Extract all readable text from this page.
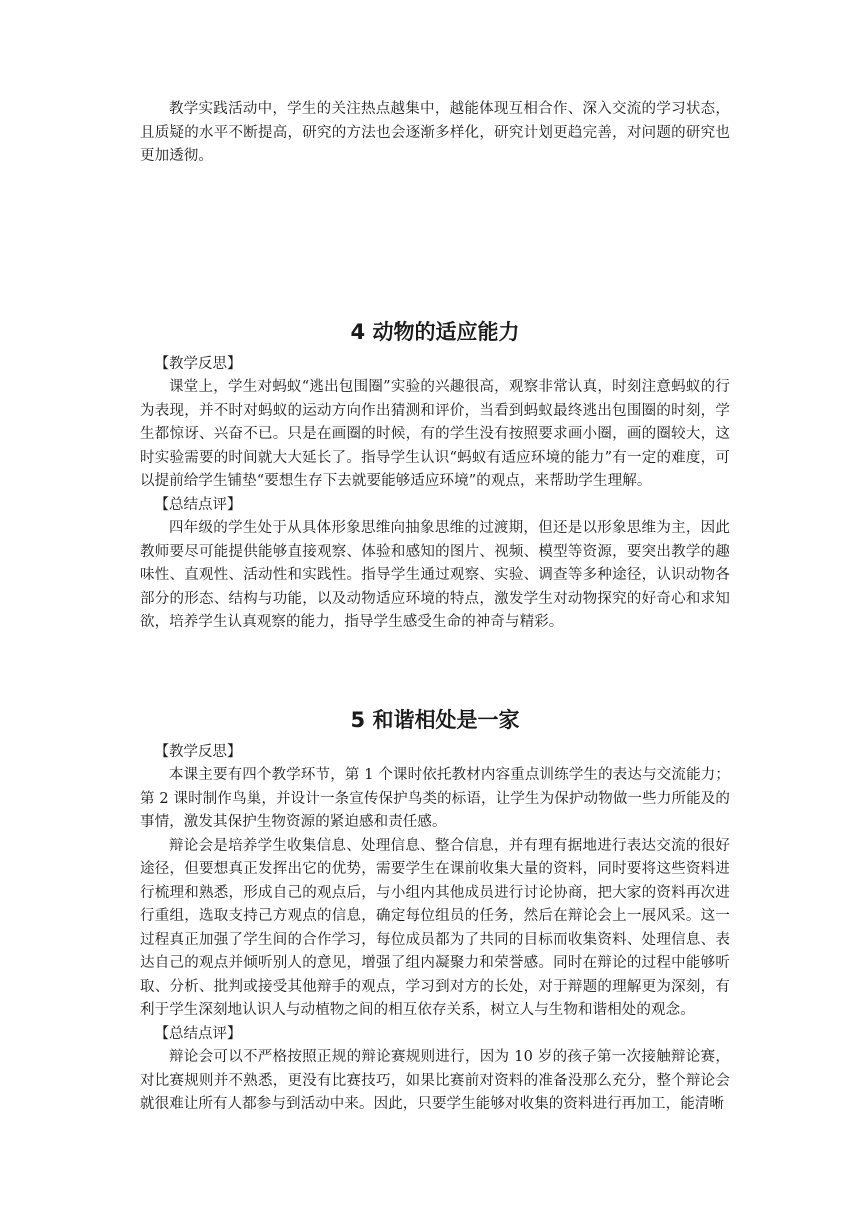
教学实践活动中，学生的关注热点越集中，越能体现互相合作、深入交流的学习状态，且质疑的水平不断提高，研究的方法也会逐渐多样化，研究计划更趋完善，对问题的研究也更加透彻。

4 动物的适应能力

【教学反思】

课堂上，学生对蚂蚁“逃出包围圈”实验的兴趣很高，观察非常认真，时刻注意蚂蚁的行为表现，并不时对蚂蚁的运动方向作出猜测和评价，当看到蚂蚁最终逃出包围圈的时刻，学生都惊讶、兴奋不已。只是在画圈的时候，有的学生没有按照要求画小圈，画的圈较大，这时实验需要的时间就大大延长了。指导学生认识“蚂蚁有适应环境的能力”有一定的难度，可以提前给学生铺垫“要想生存下去就要能够适应环境”的观点，来帮助学生理解。

【总结点评】

四年级的学生处于从具体形象思维向抽象思维的过渡期，但还是以形象思维为主，因此教师要尽可能提供能够直接观察、体验和感知的图片、视频、模型等资源，要突出教学的趣味性、直观性、活动性和实践性。指导学生通过观察、实验、调查等多种途径，认识动物各部分的形态、结构与功能，以及动物适应环境的特点，激发学生对动物探究的好奇心和求知欲，培养学生认真观察的能力，指导学生感受生命的神奇与精彩。

5 和谐相处是一家

【教学反思】

本课主要有四个教学环节，第 1 个课时依托教材内容重点训练学生的表达与交流能力；第 2 课时制作鸟巢，并设计一条宣传保护鸟类的标语，让学生为保护动物做一些力所能及的事情，激发其保护生物资源的紧迫感和责任感。

辩论会是培养学生收集信息、处理信息、整合信息，并有理有据地进行表达交流的很好途径，但要想真正发挥出它的优势，需要学生在课前收集大量的资料，同时要将这些资料进行梳理和熟悉，形成自己的观点后，与小组内其他成员进行讨论协商，把大家的资料再次进行重组，选取支持己方观点的信息，确定每位组员的任务，然后在辩论会上一展风采。这一过程真正加强了学生间的合作学习，每位成员都为了共同的目标而收集资料、处理信息、表达自己的观点并倾听别人的意见，增强了组内凝聚力和荣誉感。同时在辩论的过程中能够听取、分析、批判或接受其他辩手的观点，学习到对方的长处，对于辩题的理解更为深刻，有利于学生深刻地认识人与动植物之间的相互依存关系，树立人与生物和谐相处的观念。

【总结点评】

辩论会可以不严格按照正规的辩论赛规则进行，因为 10 岁的孩子第一次接触辩论赛，对比赛规则并不熟悉，更没有比赛技巧，如果比赛前对资料的准备没那么充分，整个辩论会就很难让所有人都参与到活动中来。因此，只要学生能够对收集的资料进行再加工，能清晰
